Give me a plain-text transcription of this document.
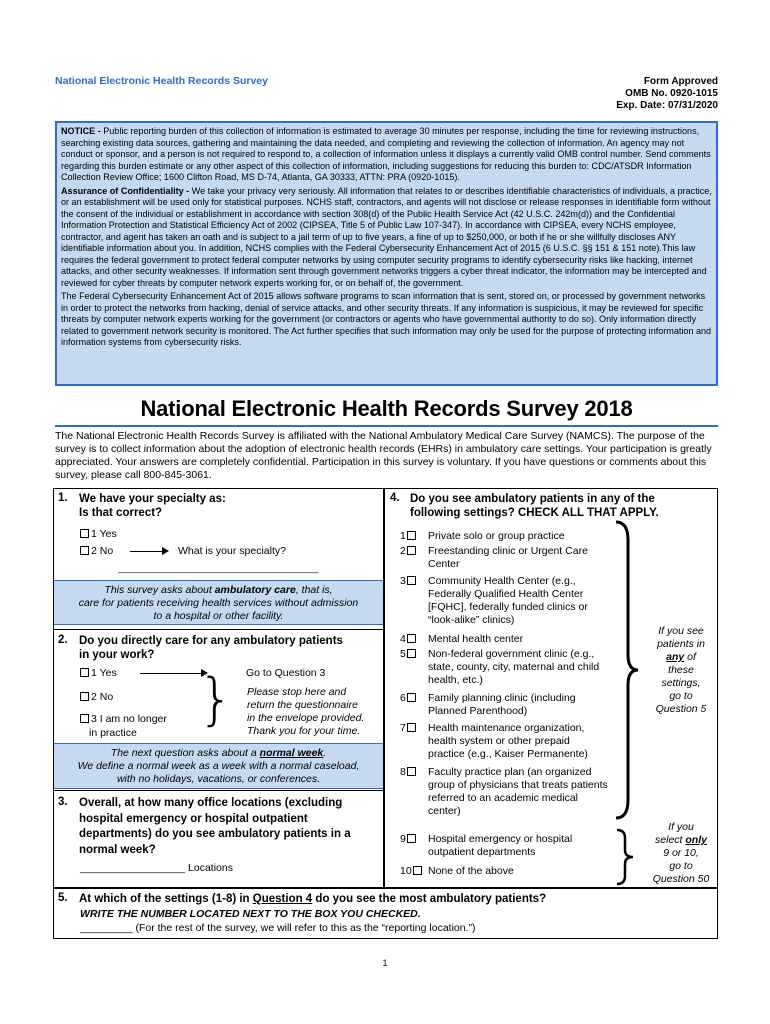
National Electronic Health Records Survey	Form Approved
OMB No. 0920-1015
Exp. Date: 07/31/2020

NOTICE - Public reporting burden of this collection of information is estimated to average 30 minutes per response, including the time for reviewing instructions, searching existing data sources, gathering and maintaining the data needed, and completing and reviewing the collection of information. An agency may not conduct or sponsor, and a person is not required to respond to, a collection of information unless it displays a currently valid OMB control number. Send comments regarding this burden estimate or any other aspect of this collection of information, including suggestions for reducing this burden to: CDC/ATSDR Information Collection Review Office; 1600 Clifton Road, MS D-74, Atlanta, GA 30333, ATTN: PRA (0920-1015).

Assurance of Confidentiality - We take your privacy very seriously. All information that relates to or describes identifiable characteristics of individuals, a practice, or an establishment will be used only for statistical purposes. NCHS staff, contractors, and agents will not disclose or release responses in identifiable form without the consent of the individual or establishment in accordance with section 308(d) of the Public Health Service Act (42 U.S.C. 242m(d)) and the Confidential Information Protection and Statistical Efficiency Act of 2002 (CIPSEA, Title 5 of Public Law 107-347). In accordance with CIPSEA, every NCHS employee, contractor, and agent has taken an oath and is subject to a jail term of up to five years, a fine of up to $250,000, or both if he or she willfully discloses ANY identifiable information about you. In addition, NCHS complies with the Federal Cybersecurity Enhancement Act of 2015 (6 U.S.C. §§ 151 & 151 note).This law requires the federal government to protect federal computer networks by using computer security programs to identify cybersecurity risks like hacking, internet attacks, and other security weaknesses. If information sent through government networks triggers a cyber threat indicator, the information may be intercepted and reviewed for cyber threats by computer network experts working for, or on behalf of, the government.

The Federal Cybersecurity Enhancement Act of 2015 allows software programs to scan information that is sent, stored on, or processed by government networks in order to protect the networks from hacking, denial of service attacks, and other security threats. If any information is suspicious, it may be reviewed for specific threats by computer network experts working for the government (or contractors or agents who have governmental authority to do so). Only information directly related to government network security is monitored. The Act further specifies that such information may only be used for the purpose of protecting information and information systems from cybersecurity risks.

National Electronic Health Records Survey 2018
The National Electronic Health Records Survey is affiliated with the National Ambulatory Medical Care Survey (NAMCS). The purpose of the survey is to collect information about the adoption of electronic health records (EHRs) in ambulatory care settings. Your participation is greatly appreciated. Your answers are completely confidential. Participation in this survey is voluntary. If you have questions or comments about this survey, please call 800-845-3061.
1. We have your specialty as:
Is that correct?
1 Yes
2 No	What is your specialty?
________________________________________
This survey asks about ambulatory care, that is,
care for patients receiving health services without admission
to a hospital or other facility.
2. Do you directly care for any ambulatory patients
in your work?
1 Yes	Go to Question 3
2 No
3 I am no longer
in practice
} Please stop here and
return the questionnaire
in the envelope provided.
Thank you for your time.
The next question asks about a normal week.
We define a normal week as a week with a normal caseload,
with no holidays, vacations, or conferences.
3. Overall, at how many office locations (excluding
hospital emergency or hospital outpatient
departments) do you see ambulatory patients in a
normal week?
__________________ Locations
4. Do you see ambulatory patients in any of the
following settings? CHECK ALL THAT APPLY.
1	Private solo or group practice
2	Freestanding clinic or Urgent Care Center
3	Community Health Center (e.g., Federally Qualified Health Center [FQHC], federally funded clinics or “look-alike” clinics)
4	Mental health center
5	Non-federal government clinic (e.g., state, county, city, maternal and child health, etc.)
6	Family planning clinic (including Planned Parenthood)
7	Health maintenance organization, health system or other prepaid practice (e.g., Kaiser Permanente)
8	Faculty practice plan (an organized group of physicians that treats patients referred to an academic medical center)
9	Hospital emergency or hospital outpatient departments
10	None of the above
If you see
patients in
any of
these
settings,
go to
Question 5
If you
select only
9 or 10,
go to
Question 50
5. At which of the settings (1-8) in Question 4 do you see the most ambulatory patients?
WRITE THE NUMBER LOCATED NEXT TO THE BOX YOU CHECKED.
_________ (For the rest of the survey, we will refer to this as the “reporting location.”)
1
